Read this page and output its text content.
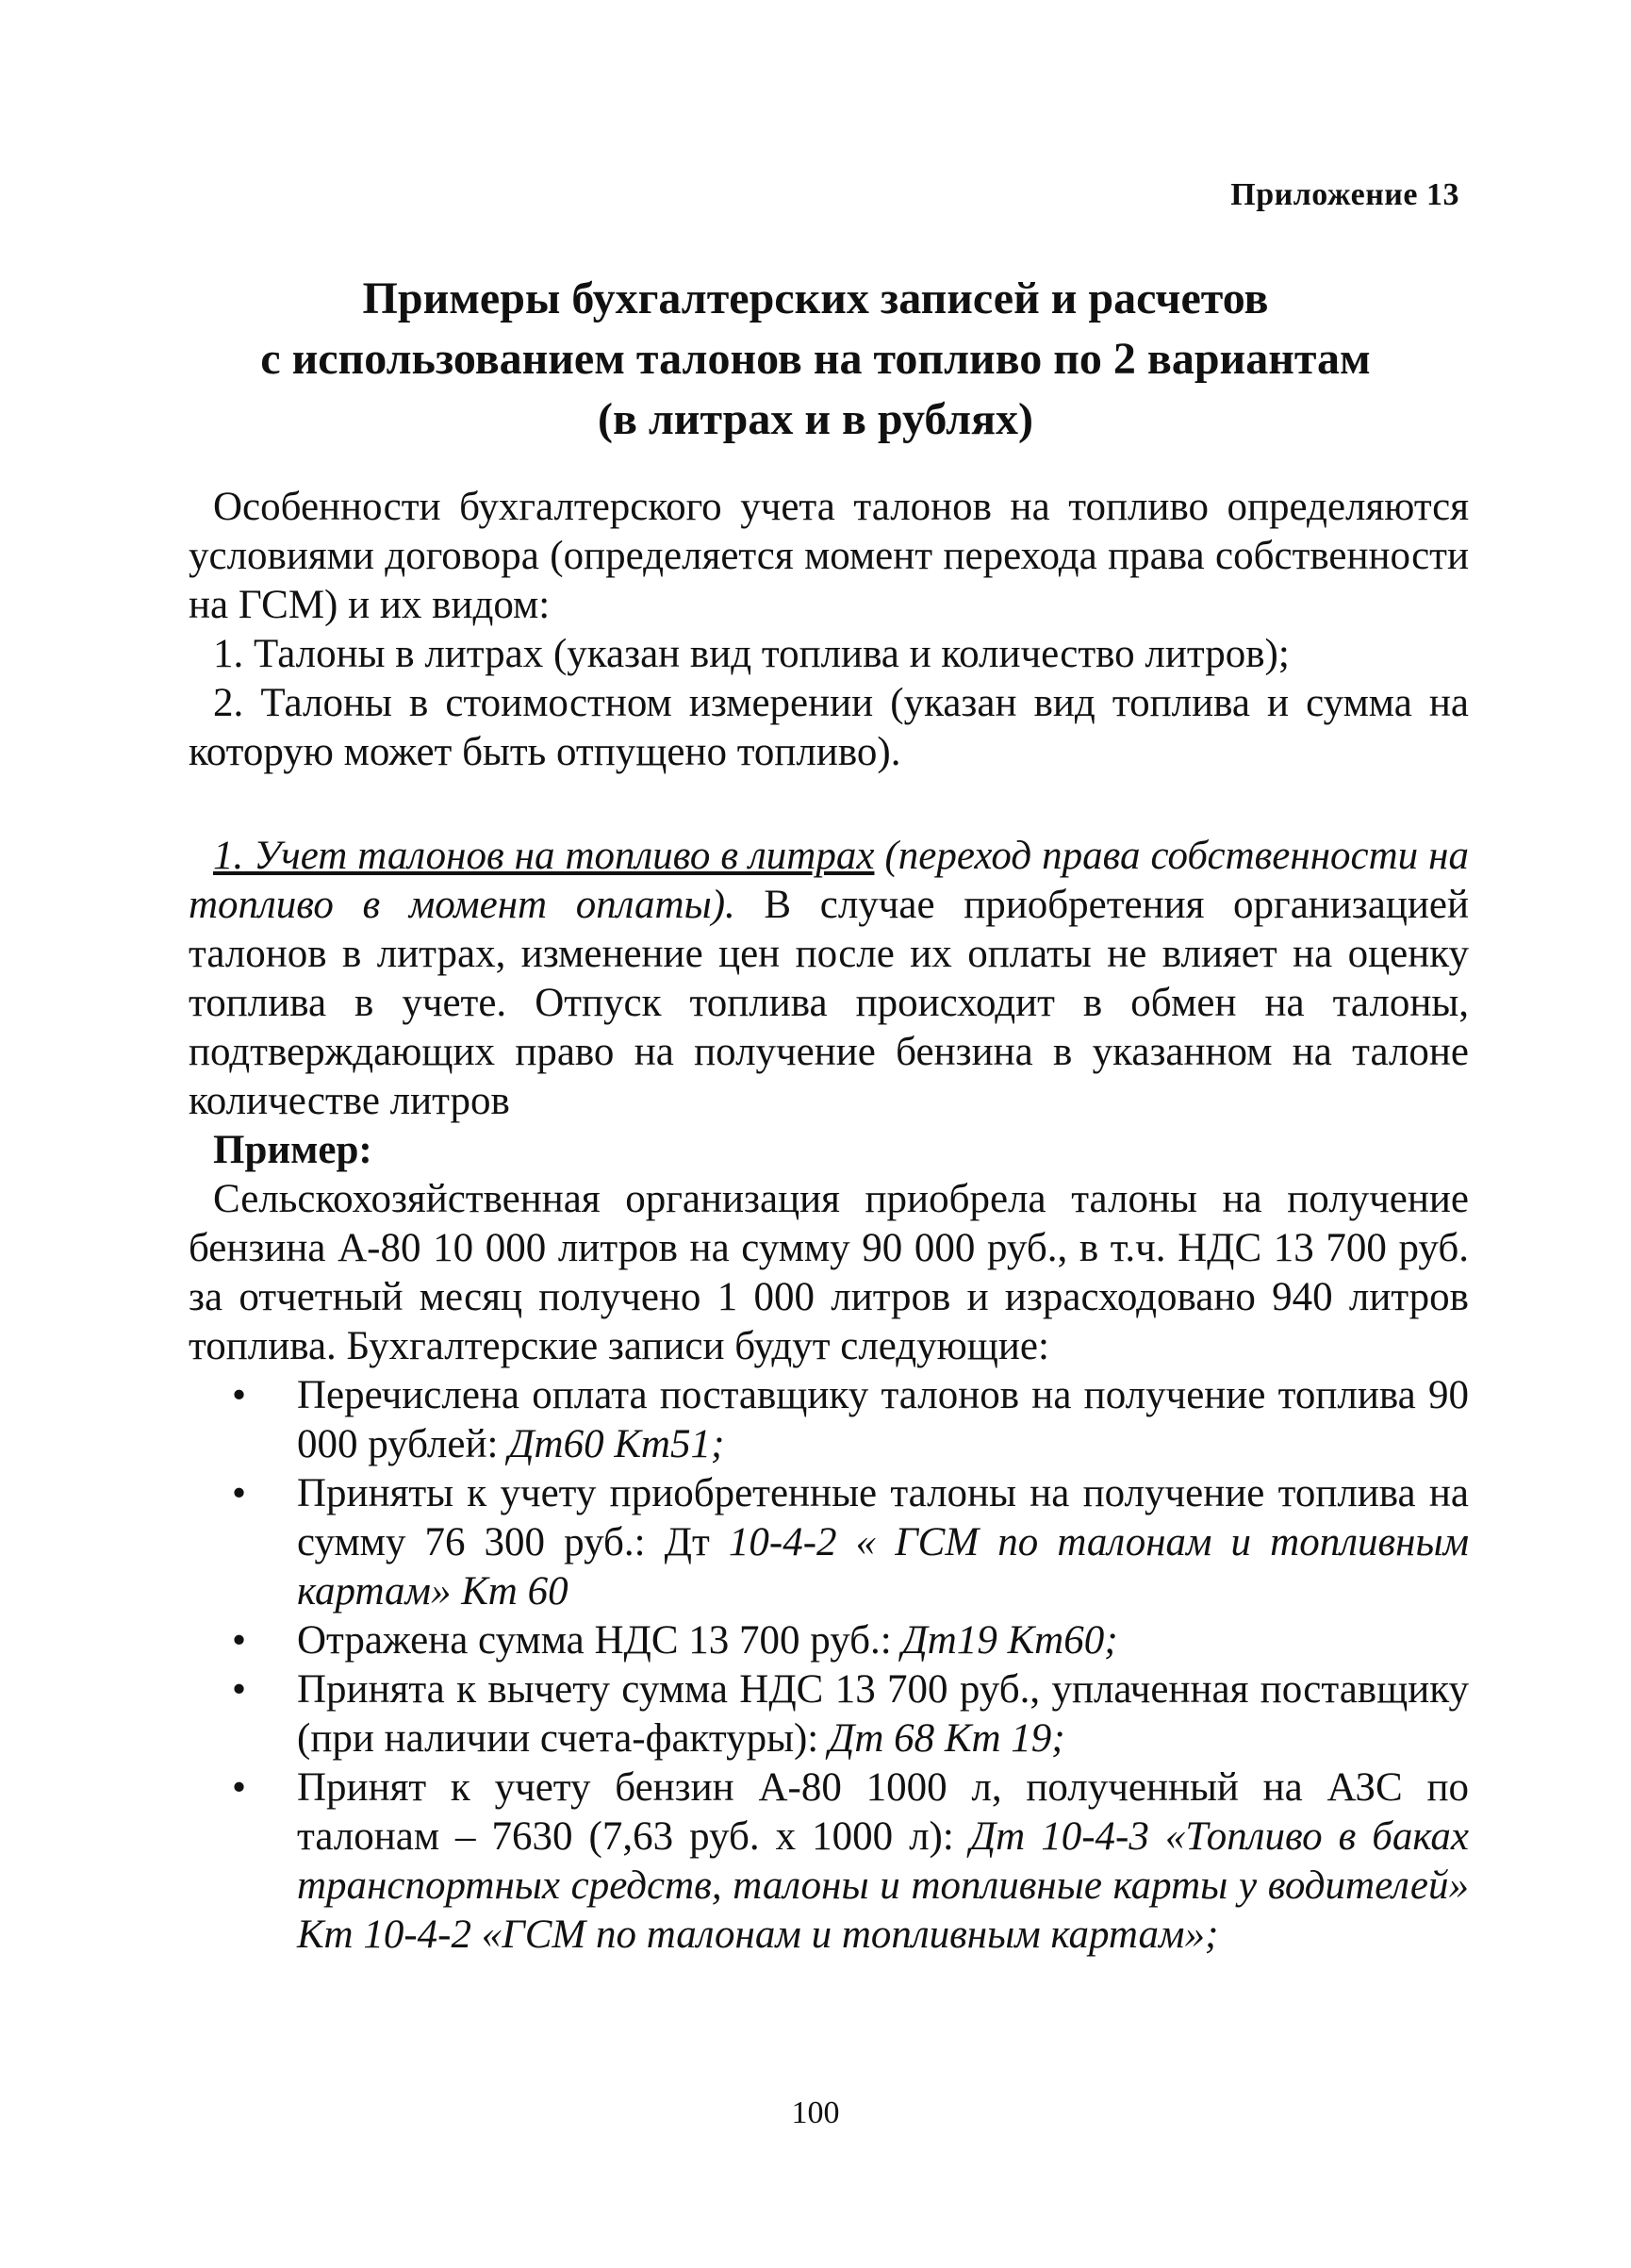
Приложение 13
Примеры бухгалтерских записей и расчетов
с использованием талонов на топливо по 2 вариантам
(в литрах и в рублях)

Особенности бухгалтерского учета талонов на топливо определяются условиями договора (определяется момент перехода права собственности на ГСМ) и их видом:

1. Талоны в литрах (указан вид топлива и количество литров);

2. Талоны в стоимостном измерении (указан вид топлива и сумма на которую может быть отпущено топливо).

1. Учет талонов на топливо в литрах (переход права собственности на топливо в момент оплаты). В случае приобретения организацией талонов в литрах, изменение цен после их оплаты не влияет на оценку топлива в учете. Отпуск топлива происходит в обмен на талоны, подтверждающих право на получение бензина в указанном на талоне количестве литров

Пример:

Сельскохозяйственная организация приобрела талоны на получение бензина А-80 10 000 литров на сумму 90 000 руб., в т.ч. НДС 13 700 руб. за отчетный месяц получено 1 000 литров и израсходовано 940 литров топлива. Бухгалтерские записи будут следующие:

• Перечислена оплата поставщику талонов на получение топлива 90 000 рублей: Дт60 Кт51;
• Приняты к учету приобретенные талоны на получение топлива на сумму 76 300 руб.: Дт 10-4-2 « ГСМ по талонам и топливным картам» Кт 60
• Отражена сумма НДС 13 700 руб.: Дт19 Кт60;
• Принята к вычету сумма НДС 13 700 руб., уплаченная поставщику (при наличии счета-фактуры): Дт 68 Кт 19;
• Принят к учету бензин А-80 1000 л, полученный на АЗС по талонам – 7630 (7,63 руб. х 1000 л): Дт 10-4-3 «Топливо в баках транспортных средств, талоны и топливные карты у водителей» Кт 10-4-2 «ГСМ по талонам и топливным картам»;
100
